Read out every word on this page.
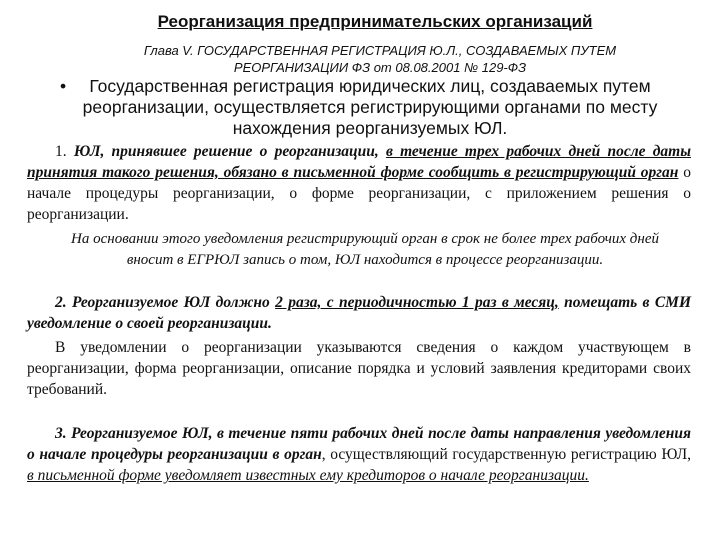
Реорганизация предпринимательских организаций
Глава V. ГОСУДАРСТВЕННАЯ РЕГИСТРАЦИЯ Ю.Л., СОЗДАВАЕМЫХ ПУТЕМ
РЕОРГАНИЗАЦИИ ФЗ от 08.08.2001 № 129-ФЗ
• Государственная регистрация юридических лиц, создаваемых путем реорганизации, осуществляется регистрирующими органами по месту нахождения реорганизуемых ЮЛ.
1. ЮЛ, принявшее решение о реорганизации, в течение трех рабочих дней после даты принятия такого решения, обязано в письменной форме сообщить в регистрирующий орган о начале процедуры реорганизации, о форме реорганизации, с приложением решения о реорганизации.
На основании этого уведомления регистрирующий орган в срок не более трех рабочих дней вносит в ЕГРЮЛ запись о том, ЮЛ находится в процессе реорганизации.
2. Реорганизуемое ЮЛ должно 2 раза, с периодичностью 1 раз в месяц, помещать в СМИ уведомление о своей реорганизации.
В уведомлении о реорганизации указываются сведения о каждом участвующем в реорганизации, форма реорганизации, описание порядка и условий заявления кредиторами своих требований.
3. Реорганизуемое ЮЛ, в течение пяти рабочих дней после даты направления уведомления о начале процедуры реорганизации в орган, осуществляющий государственную регистрацию ЮЛ, в письменной форме уведомляет известных ему кредиторов о начале реорганизации.
